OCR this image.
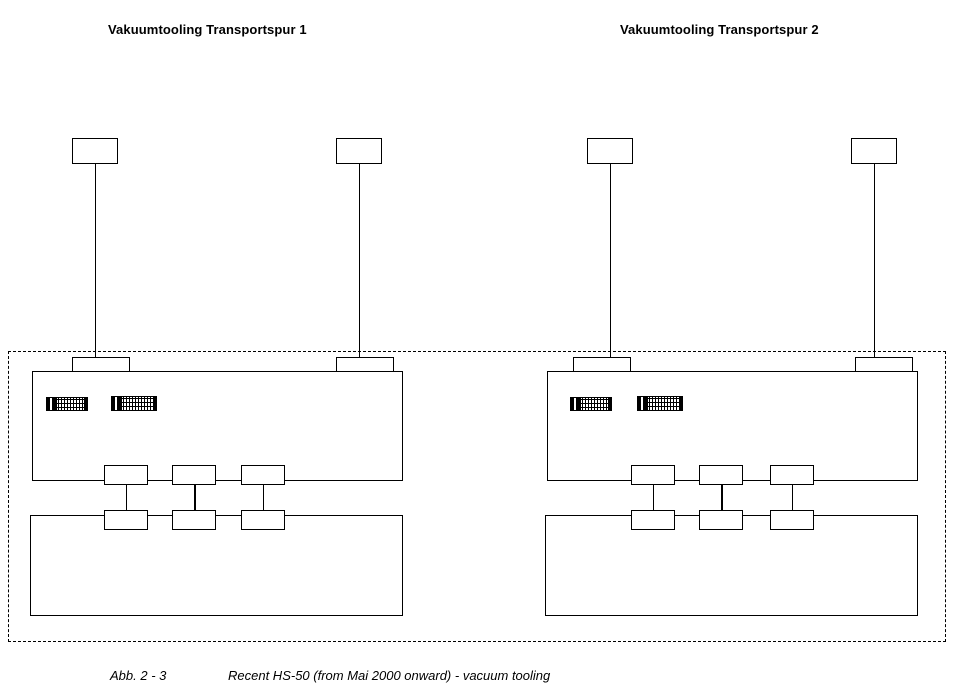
Vakuumtooling Transportspur 1	Vakuumtooling Transportspur 2
Abb. 2 - 3	Recent HS-50 (from Mai 2000 onward) - vacuum tooling
